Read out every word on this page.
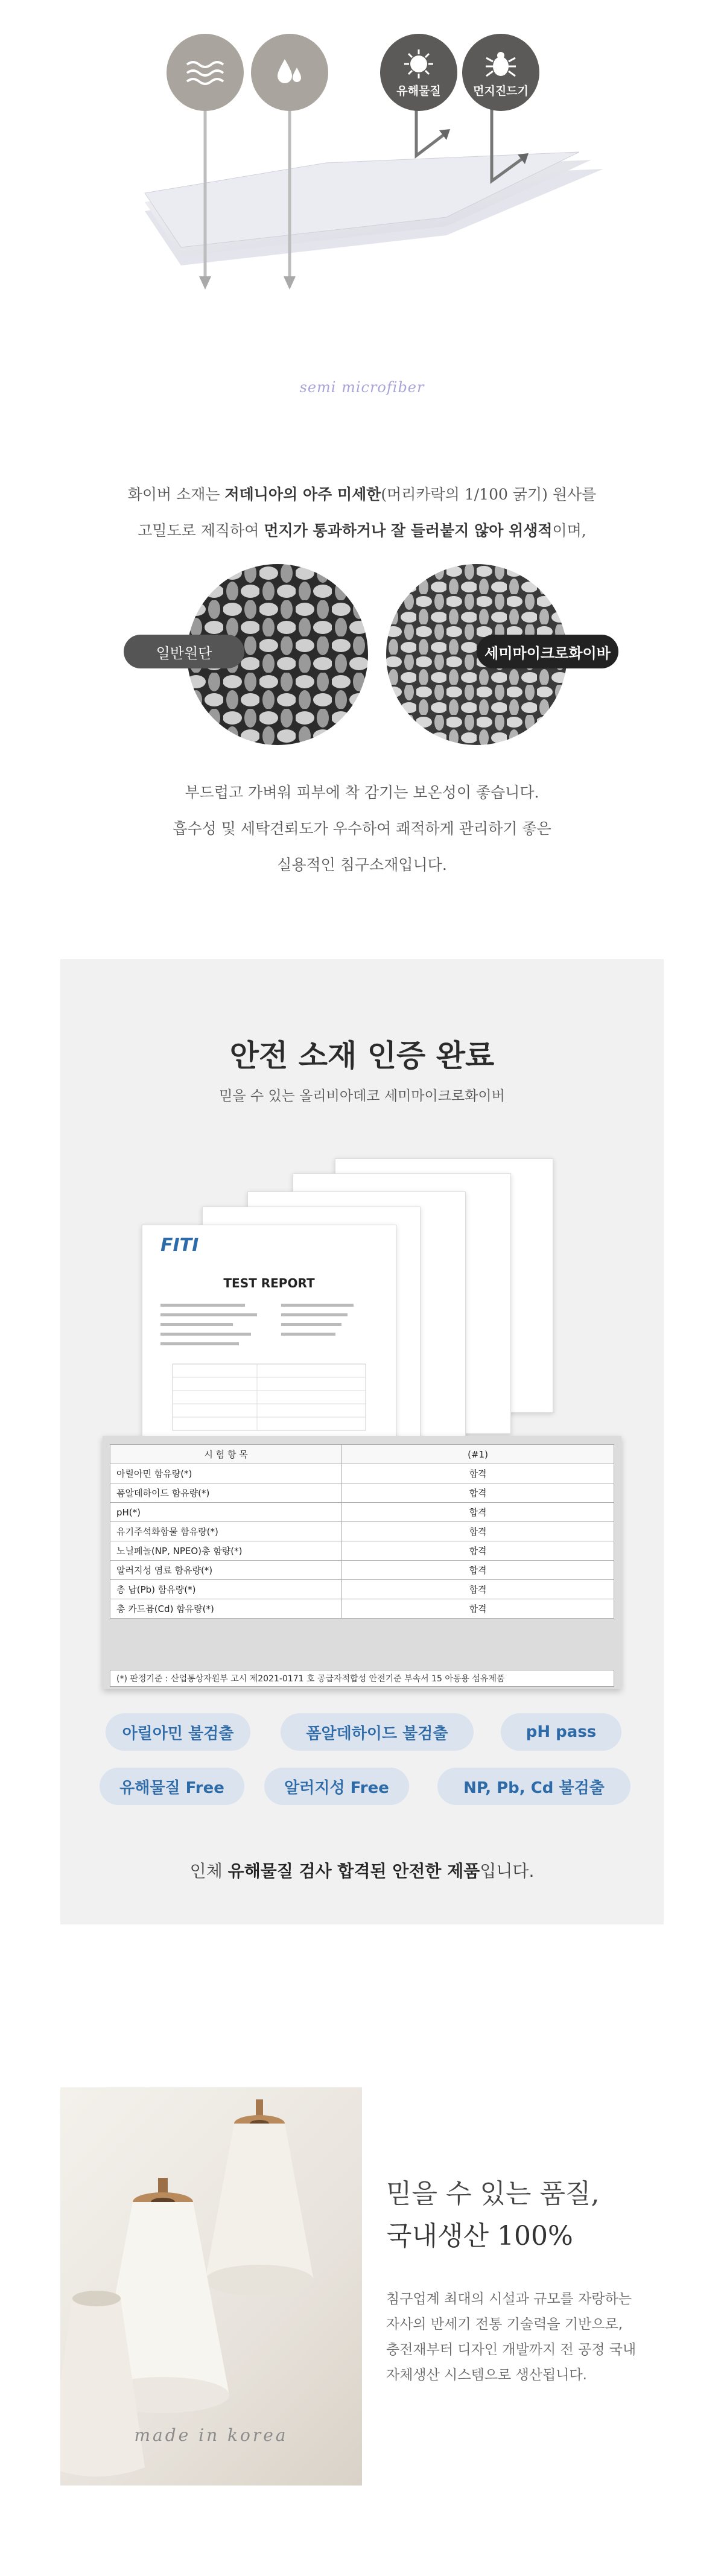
유해물질	먼지진드기
semi microfiber
화이버 소재는 저데니아의 아주 미세한(머리카락의 1/100 굵기) 원사를
고밀도로 제직하여 먼지가 통과하거나 잘 들러붙지 않아 위생적이며,
일반원단	세미마이크로화이바
부드럽고 가벼워 피부에 착 감기는 보온성이 좋습니다.
흡수성 및 세탁견뢰도가 우수하여 쾌적하게 관리하기 좋은
실용적인 침구소재입니다.
안전 소재 인증 완료
믿을 수 있는 올리비아데코 세미마이크로화이버
FITI
TEST REPORT
시 험 항 목	(#1)
아릴아민 함유량(*)	합격
폼알데하이드 함유량(*)	합격
pH(*)	합격
유기주석화합물 함유량(*)	합격
노닐페놀(NP, NPEO)총 함량(*)	합격
알러지성 염료 함유량(*)	합격
총 납(Pb) 함유량(*)	합격
총 카드뮴(Cd) 함유량(*)	합격
(*) 판정기준 : 산업통상자원부 고시 제2021-0171 호 공급자적합성 안전기준 부속서 15 아동용 섬유제품
아릴아민 불검출	폼알데하이드 불검출	pH pass
유해물질 Free	알러지성 Free	NP, Pb, Cd 불검출
인체 유해물질 검사 합격된 안전한 제품입니다.
made in korea
믿을 수 있는 품질,
국내생산 100%
침구업계 최대의 시설과 규모를 자랑하는
자사의 반세기 전통 기술력을 기반으로,
충전재부터 디자인 개발까지 전 공정 국내
자체생산 시스템으로 생산됩니다.
